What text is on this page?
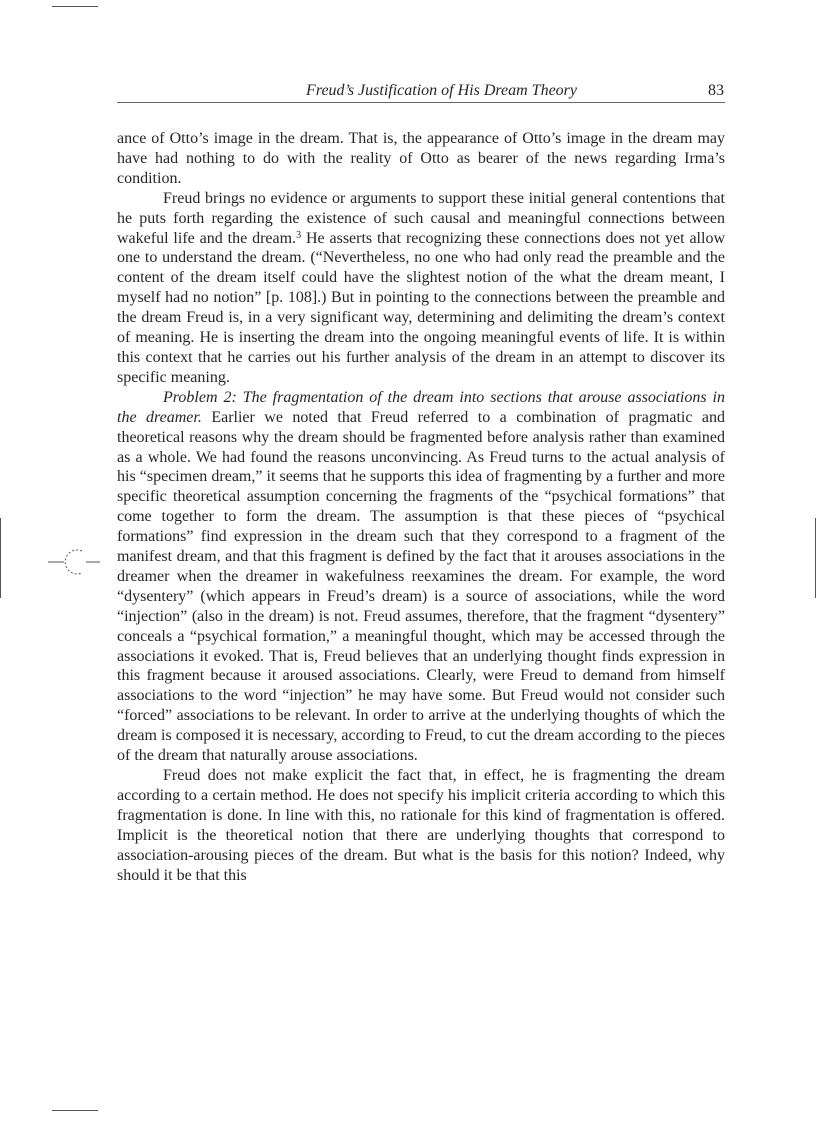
Freud’s Justification of His Dream Theory	83

ance of Otto’s image in the dream. That is, the appearance of Otto’s image in the dream may have had nothing to do with the reality of Otto as bearer of the news regarding Irma’s condition.

Freud brings no evidence or arguments to support these initial general contentions that he puts forth regarding the existence of such causal and meaningful connections between wakeful life and the dream.$^3$ He asserts that recognizing these connections does not yet allow one to understand the dream. (“Nevertheless, no one who had only read the preamble and the content of the dream itself could have the slightest notion of the what the dream meant, I myself had no notion” [p. 108].) But in pointing to the connections between the preamble and the dream Freud is, in a very significant way, determining and delimiting the dream’s context of meaning. He is inserting the dream into the ongoing meaningful events of life. It is within this context that he carries out his further analysis of the dream in an attempt to discover its specific meaning.

Problem 2: The fragmentation of the dream into sections that arouse associations in the dreamer. Earlier we noted that Freud referred to a combination of pragmatic and theoretical reasons why the dream should be fragmented before analysis rather than examined as a whole. We had found the reasons unconvincing. As Freud turns to the actual analysis of his “specimen dream,” it seems that he supports this idea of fragmenting by a further and more specific theoretical assumption concerning the fragments of the “psychical formations” that come together to form the dream. The assumption is that these pieces of “psychical formations” find expression in the dream such that they correspond to a fragment of the manifest dream, and that this fragment is defined by the fact that it arouses associations in the dreamer when the dreamer in wakefulness reexamines the dream. For example, the word “dysentery” (which appears in Freud’s dream) is a source of associations, while the word “injection” (also in the dream) is not. Freud assumes, therefore, that the fragment “dysentery” conceals a “psychical formation,” a meaningful thought, which may be accessed through the associations it evoked. That is, Freud believes that an underlying thought finds expression in this fragment because it aroused associations. Clearly, were Freud to demand from himself associations to the word “injection” he may have some. But Freud would not consider such “forced” associations to be relevant. In order to arrive at the underlying thoughts of which the dream is composed it is necessary, according to Freud, to cut the dream according to the pieces of the dream that naturally arouse associations.

Freud does not make explicit the fact that, in effect, he is fragmenting the dream according to a certain method. He does not specify his implicit criteria according to which this fragmentation is done. In line with this, no rationale for this kind of fragmentation is offered. Implicit is the theoretical notion that there are underlying thoughts that correspond to association-arousing pieces of the dream. But what is the basis for this notion? Indeed, why should it be that this
